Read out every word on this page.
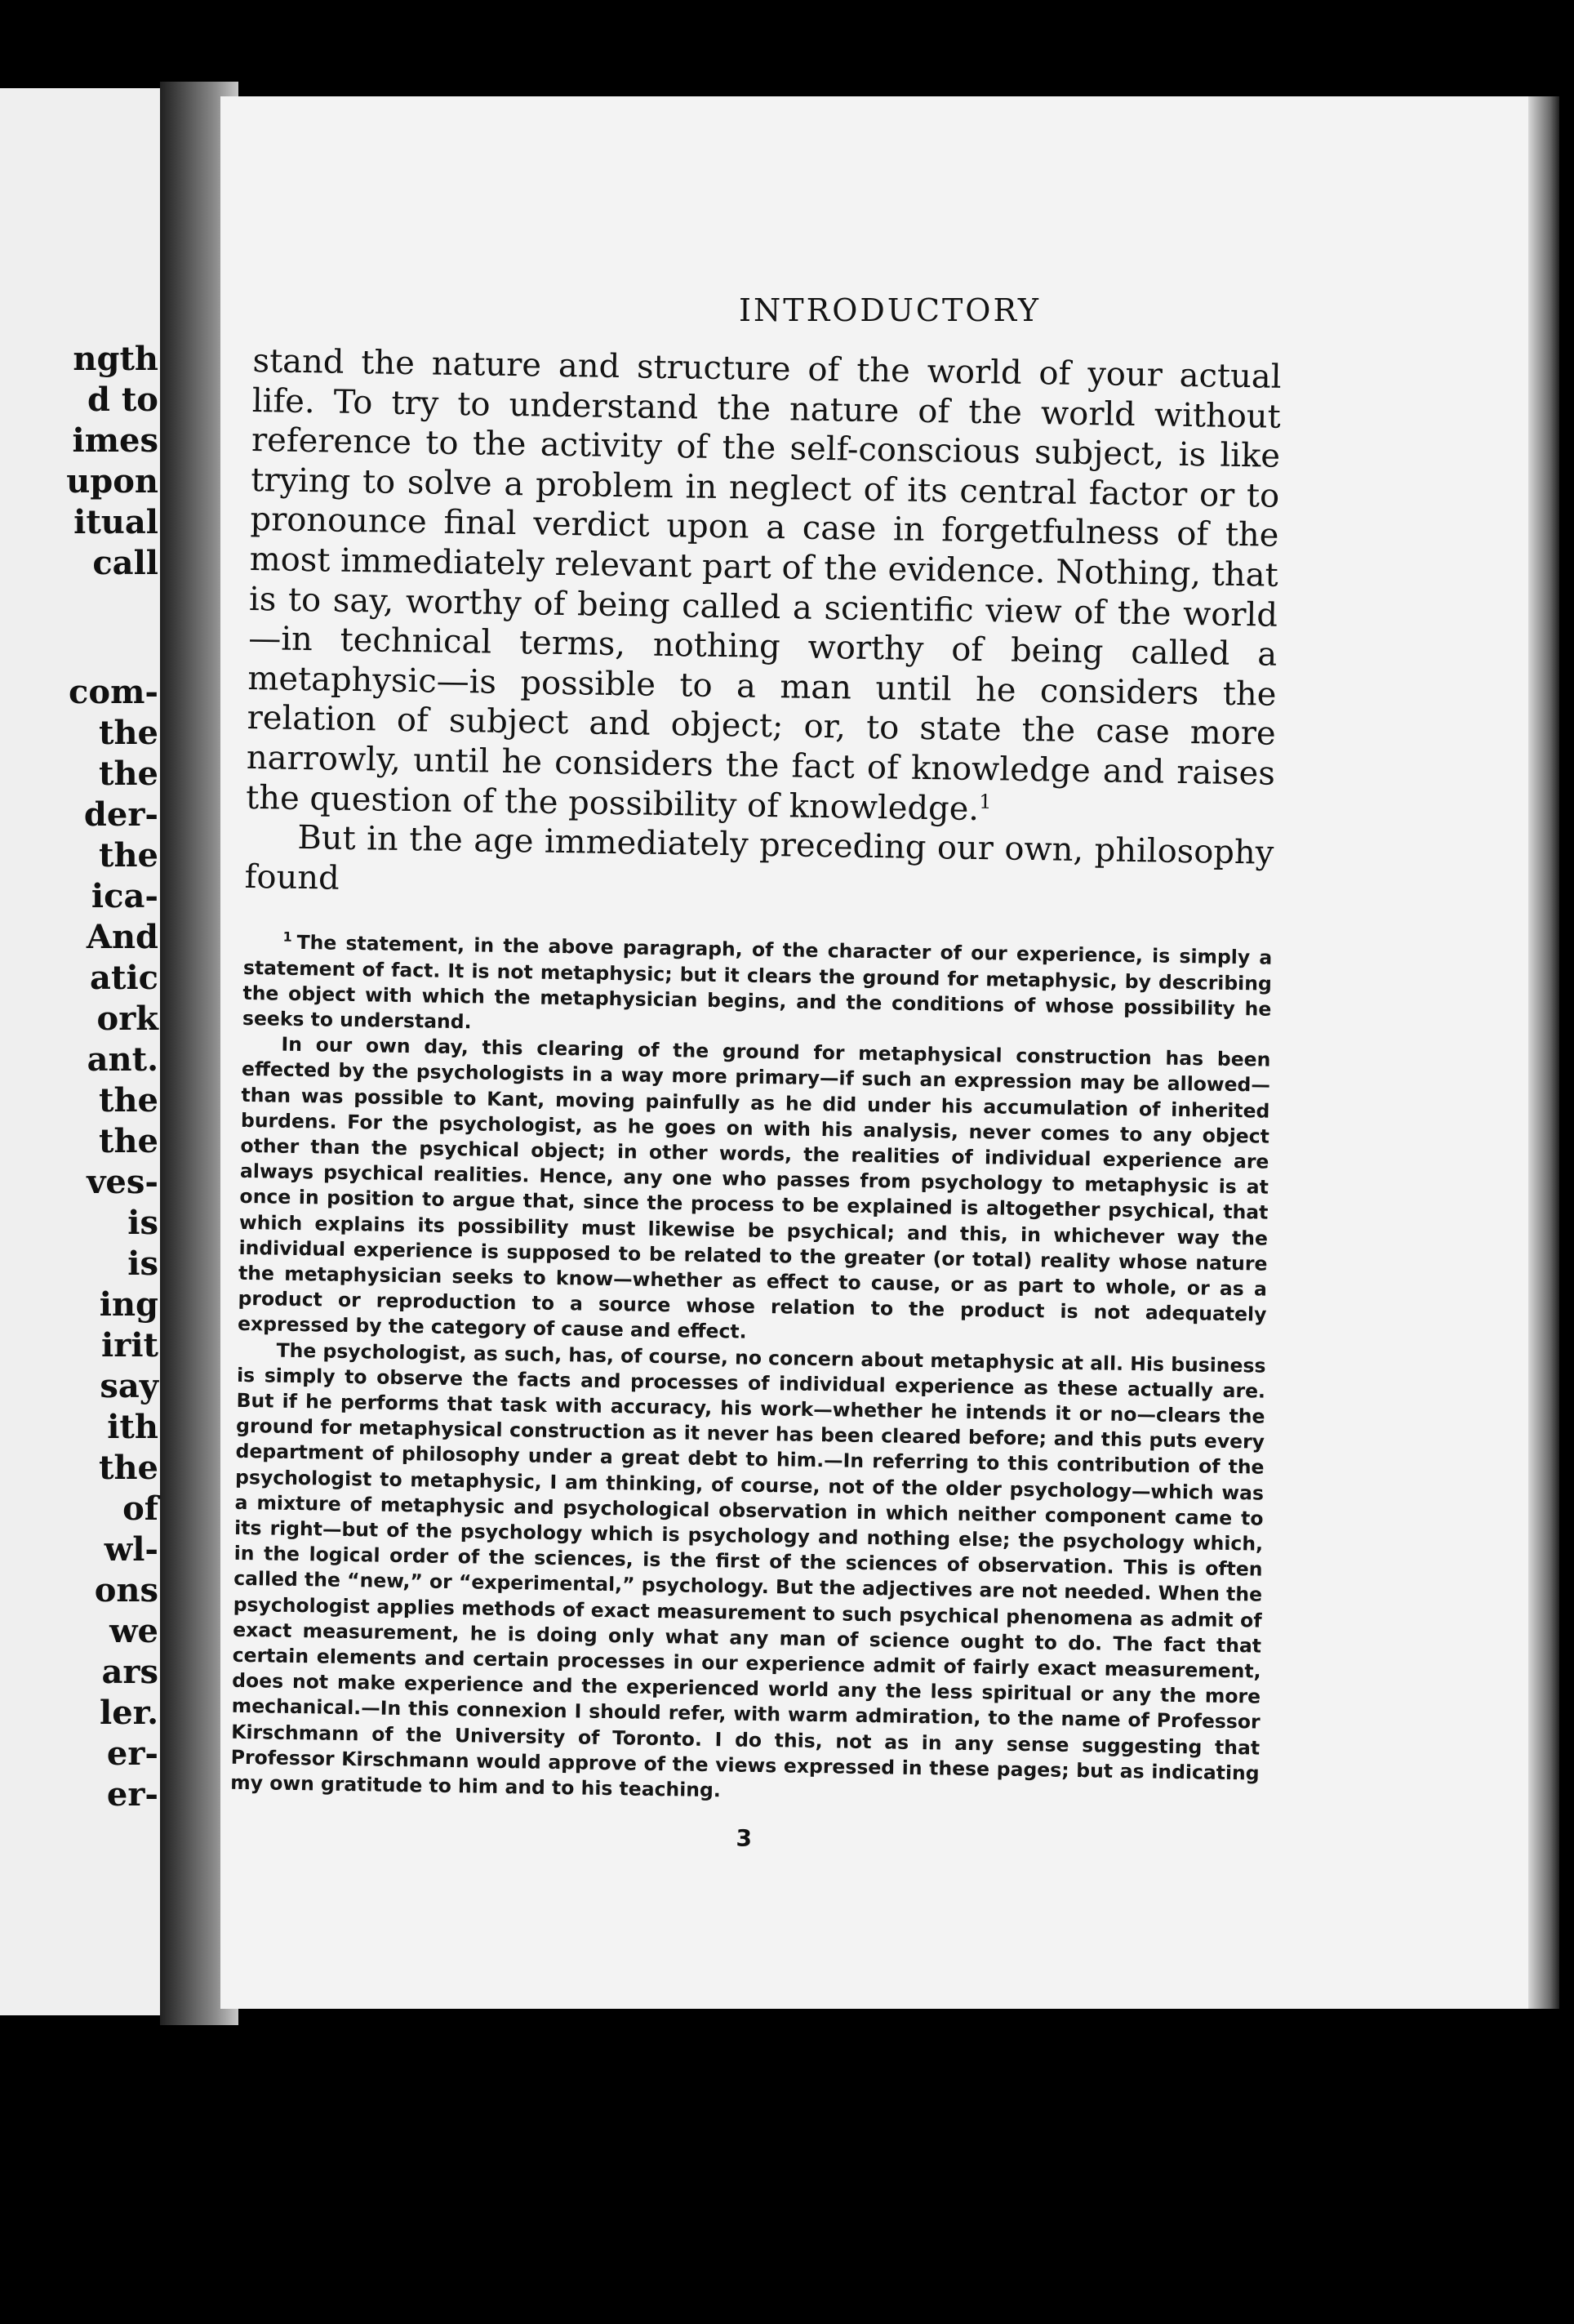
ngth
d to
imes
upon
itual
call
com-
the
the
der-
the
ica-
And
atic
ork
ant.
the
the
ves-
is
is
ing
irit
say
ith
the
of
wl-
ons
we
ars
ler.
er-
er-
INTRODUCTORY

stand the nature and structure of the world of your actual life. To try to understand the nature of the world without reference to the activity of the self-conscious subject, is like trying to solve a problem in neglect of its central factor or to pronounce final verdict upon a case in forgetfulness of the most immediately relevant part of the evidence. Nothing, that is to say, worthy of being called a scientific view of the world—in technical terms, nothing worthy of being called a metaphysic—is possible to a man until he considers the relation of subject and object; or, to state the case more narrowly, until he considers the fact of knowledge and raises the question of the possibility of knowledge.$^1$

But in the age immediately preceding our own, philosophy found

$^1$ The statement, in the above paragraph, of the character of our experience, is simply a statement of fact. It is not metaphysic; but it clears the ground for metaphysic, by describing the object with which the metaphysician begins, and the conditions of whose possibility he seeks to understand.

In our own day, this clearing of the ground for metaphysical construction has been effected by the psychologists in a way more primary—if such an expression may be allowed—than was possible to Kant, moving painfully as he did under his accumulation of inherited burdens. For the psychologist, as he goes on with his analysis, never comes to any object other than the psychical object; in other words, the realities of individual experience are always psychical realities. Hence, any one who passes from psychology to metaphysic is at once in position to argue that, since the process to be explained is altogether psychical, that which explains its possibility must likewise be psychical; and this, in whichever way the individual experience is supposed to be related to the greater (or total) reality whose nature the metaphysician seeks to know—whether as effect to cause, or as part to whole, or as a product or reproduction to a source whose relation to the product is not adequately expressed by the category of cause and effect.

The psychologist, as such, has, of course, no concern about metaphysic at all. His business is simply to observe the facts and processes of individual experience as these actually are. But if he performs that task with accuracy, his work—whether he intends it or no—clears the ground for metaphysical construction as it never has been cleared before; and this puts every department of philosophy under a great debt to him.—In referring to this contribution of the psychologist to metaphysic, I am thinking, of course, not of the older psychology—which was a mixture of metaphysic and psychological observation in which neither component came to its right—but of the psychology which is psychology and nothing else; the psychology which, in the logical order of the sciences, is the first of the sciences of observation. This is often called the “new,” or “experimental,” psychology. But the adjectives are not needed. When the psychologist applies methods of exact measurement to such psychical phenomena as admit of exact measurement, he is doing only what any man of science ought to do. The fact that certain elements and certain processes in our experience admit of fairly exact measurement, does not make experience and the experienced world any the less spiritual or any the more mechanical.—In this connexion I should refer, with warm admiration, to the name of Professor Kirschmann of the University of Toronto. I do this, not as in any sense suggesting that Professor Kirschmann would approve of the views expressed in these pages; but as indicating my own gratitude to him and to his teaching.

3
